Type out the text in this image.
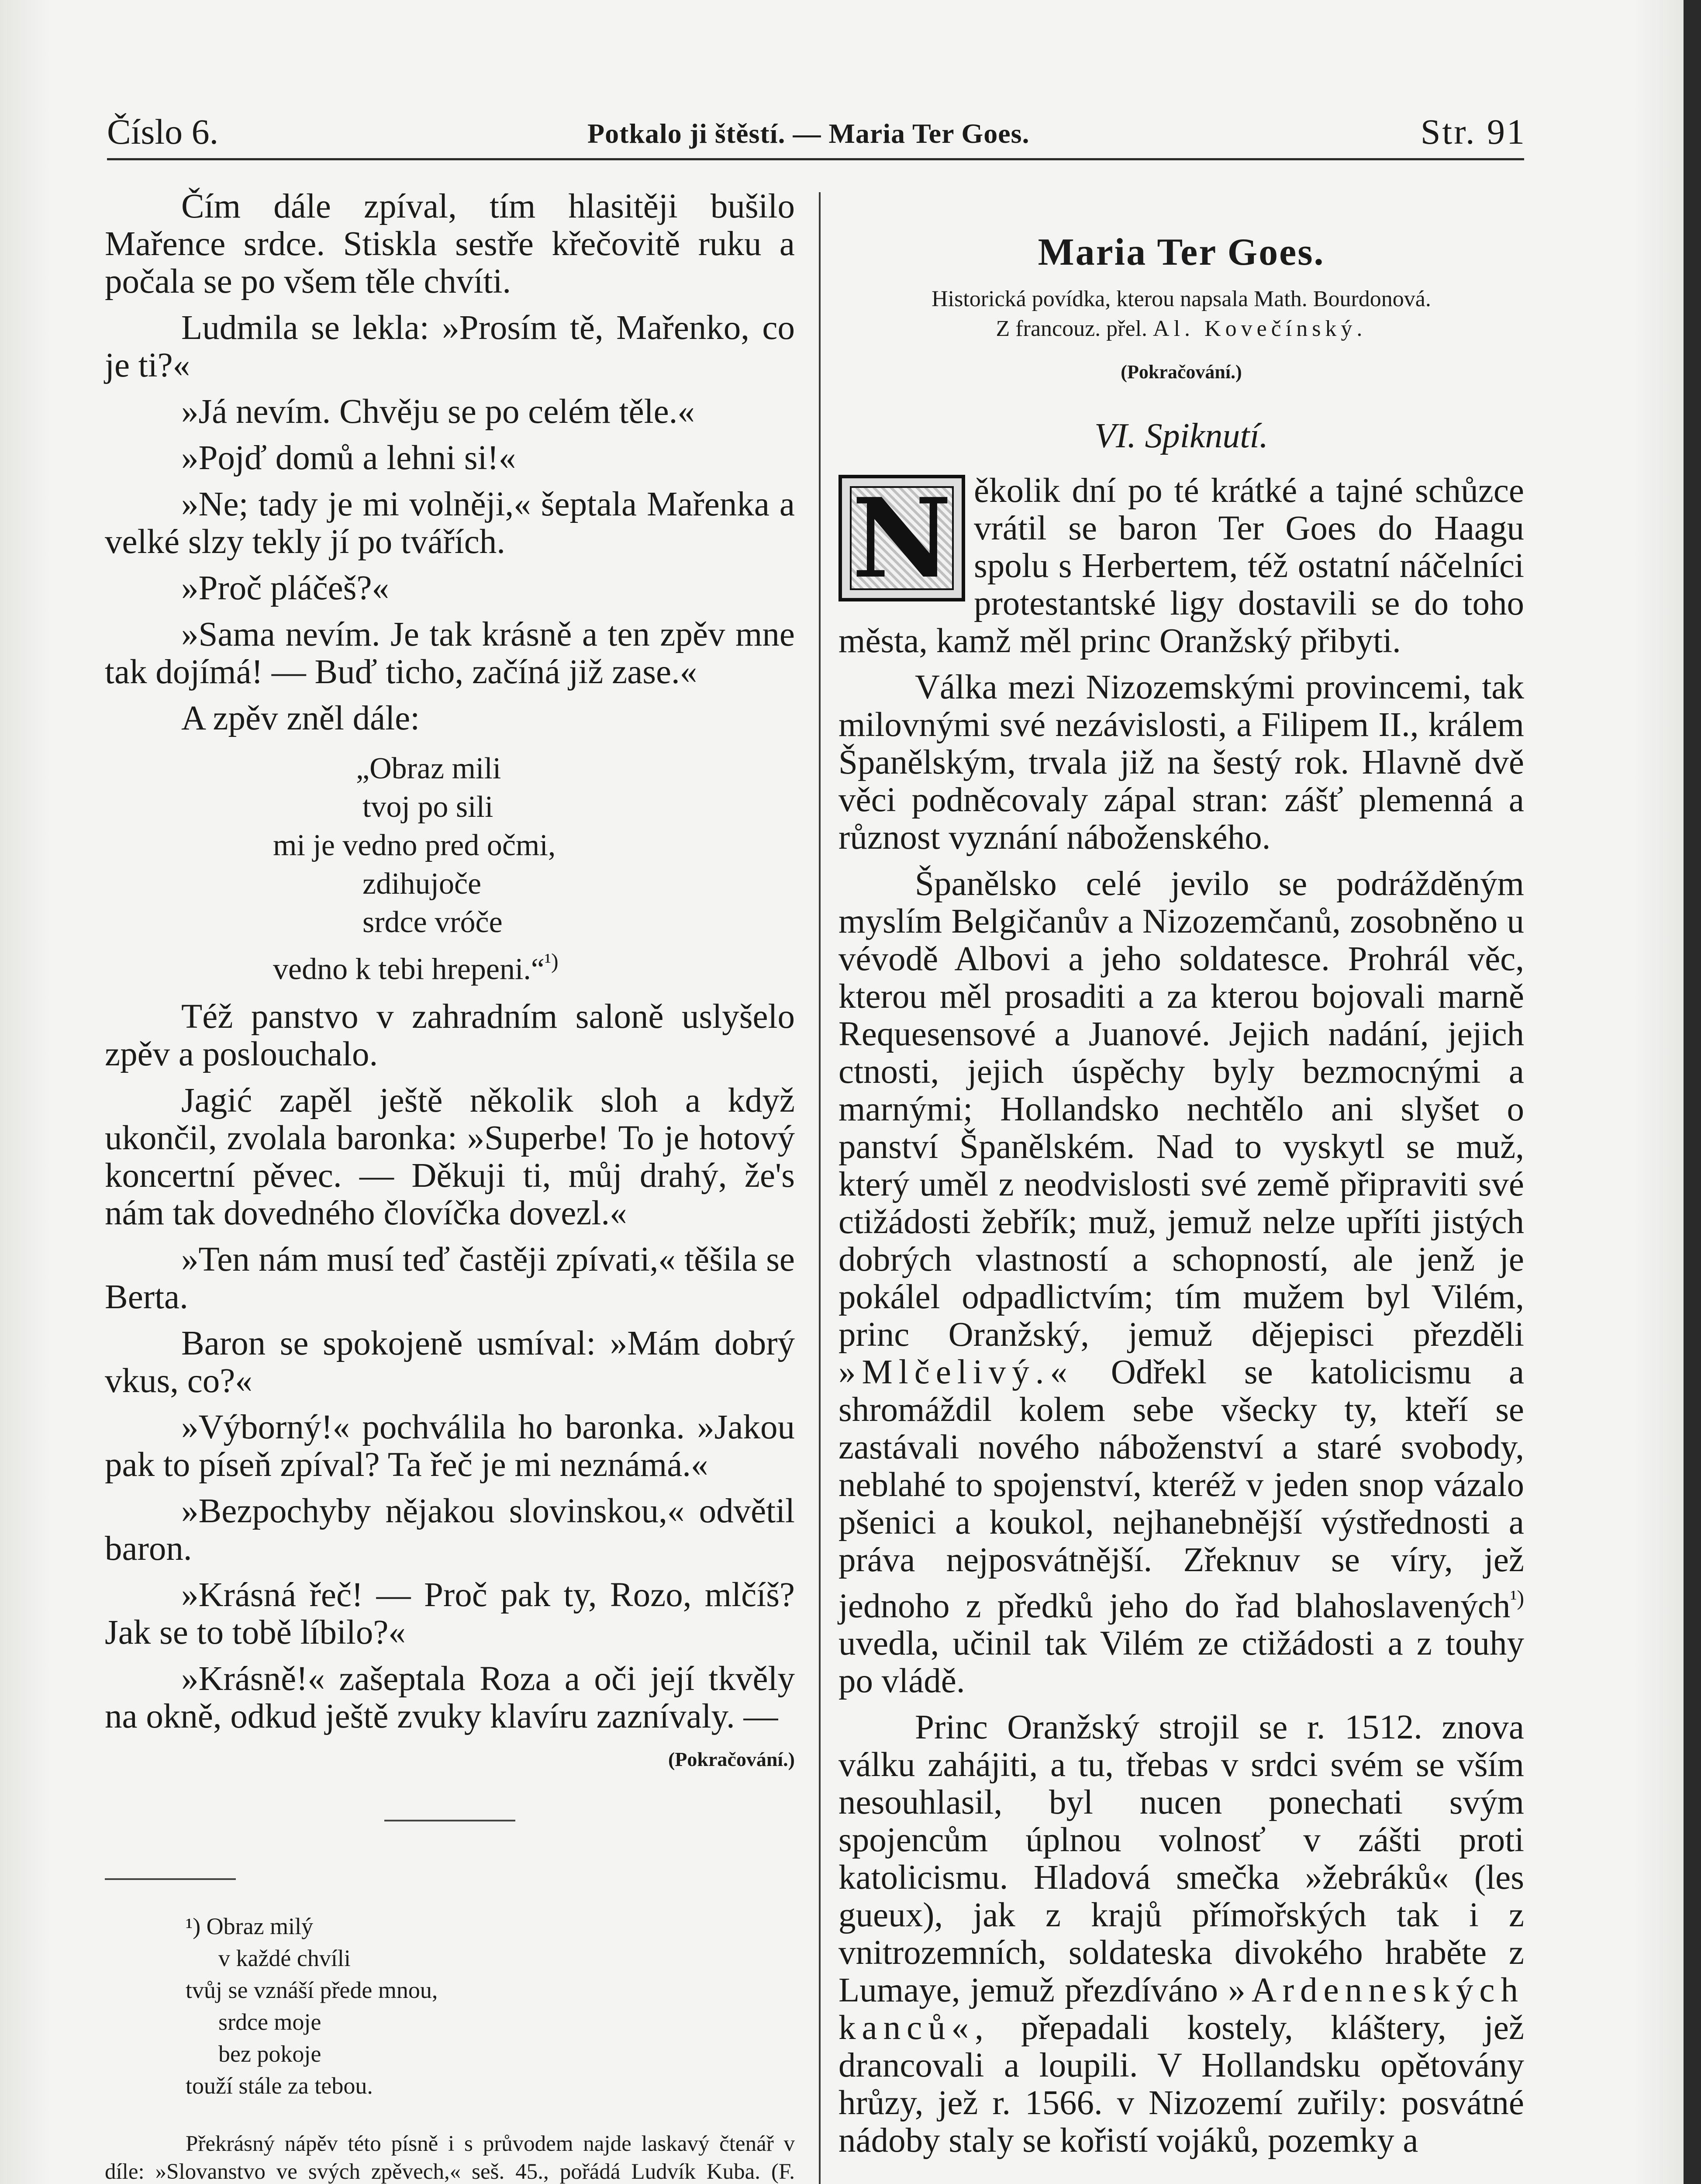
Číslo 6.	Potkalo ji štěstí. — Maria Ter Goes.	Str. 91

Čím dále zpíval, tím hlasitěji bušilo Mařence srdce. Stiskla sestře křečovitě ruku a počala se po všem těle chvíti.

Ludmila se lekla: »Prosím tě, Mařenko, co je ti?«

»Já nevím. Chvěju se po celém těle.«

»Pojď domů a lehni si!«

»Ne; tady je mi volněji,« šeptala Mařenka a velké slzy tekly jí po tvářích.

»Proč pláčeš?«

»Sama nevím. Je tak krásně a ten zpěv mne tak dojímá! — Buď ticho, začíná již zase.«

A zpěv zněl dále:

„Obraz mili
tvoj po sili
mi je vedno pred očmi,
zdihujoče
srdce vróče
vedno k tebi hrepeni.“$^{^1)}$

Též panstvo v zahradním saloně uslyšelo zpěv a poslouchalo.

Jagić zapěl ještě několik sloh a když ukončil, zvolala baronka: »Superbe! To je hotový koncertní pěvec. — Děkuji ti, můj drahý, že's nám tak dovedného človíčka dovezl.«

»Ten nám musí teď častěji zpívati,« těšila se Berta.

Baron se spokojeně usmíval: »Mám dobrý vkus, co?«

»Výborný!« pochválila ho baronka. »Jakou pak to píseň zpíval? Ta řeč je mi neznámá.«

»Bezpochyby nějakou slovinskou,« odvětil baron.

»Krásná řeč! — Proč pak ty, Rozo, mlčíš? Jak se to tobě líbilo?«

»Krásně!« zašeptala Roza a oči její tkvěly na okně, odkud ještě zvuky klavíru zaznívaly. —

(Pokračování.)
¹) Obraz milý
v každé chvíli
tvůj se vznáší přede mnou,
srdce moje
bez pokoje
touží stále za tebou.
Překrásný nápěv této písně i s průvodem najde laskavý čtenář v díle: »Slovanstvo ve svých zpěvech,« seš. 45., pořádá Ludvík Kuba. (F.
Maria Ter Goes.
Historická povídka, kterou napsala Math. Bourdonová.
Z francouz. přel. Al. Kovečínský.
(Pokračování.)
VI. Spiknutí.
N ěkolik dní po té krátké a tajné schůzce vrátil se baron Ter Goes do Haagu spolu s Herbertem, též ostatní náčelníci protestantské ligy dostavili se do toho města, kamž měl princ Oranžský přibyti.

Válka mezi Nizozemskými provincemi, tak milovnými své nezávislosti, a Filipem II., králem Španělským, trvala již na šestý rok. Hlavně dvě věci podněcovaly zápal stran: zášť plemenná a různost vyznání náboženského.

Španělsko celé jevilo se podrážděným myslím Belgičanův a Nizozemčanů, zosobněno u vévodě Albovi a jeho soldatesce. Prohrál věc, kterou měl prosaditi a za kterou bojovali marně Requesensové a Juanové. Jejich nadání, jejich ctnosti, jejich úspěchy byly bezmocnými a marnými; Hollandsko nechtělo ani slyšet o panství Španělském. Nad to vyskytl se muž, který uměl z neodvislosti své země připraviti své ctižádosti žebřík; muž, jemuž nelze upříti jistých dobrých vlastností a schopností, ale jenž je pokálel odpadlictvím; tím mužem byl Vilém, princ Oranžský, jemuž dějepisci přezděli »Mlčelivý.« Odřekl se katolicismu a shromáždil kolem sebe všecky ty, kteří se zastávali nového náboženství a staré svobody, neblahé to spojenství, kteréž v jeden snop vázalo pšenici a koukol, nejhanebnější výstřednosti a práva nejposvátnější. Zřeknuv se víry, jež jednoho z předků jeho do řad blahoslavených$^{^1)}$ uvedla, učinil tak Vilém ze ctižádosti a z touhy po vládě.

Princ Oranžský strojil se r. 1512. znova válku zahájiti, a tu, třebas v srdci svém se vším nesouhlasil, byl nucen ponechati svým spojencům úplnou volnosť v zášti proti katolicismu. Hladová smečka »žebráků« (les gueux), jak z krajů přímořských tak i z vnitrozemních, soldateska divokého hraběte z Lumaye, jemuž přezdíváno »Ardenneských kanců«, přepadali kostely, kláštery, jež drancovali a loupili. V Hollandsku opětovány hrůzy, jež r. 1566. v Nizozemí zuřily: posvátné nádoby staly se kořistí vojáků, pozemky a
